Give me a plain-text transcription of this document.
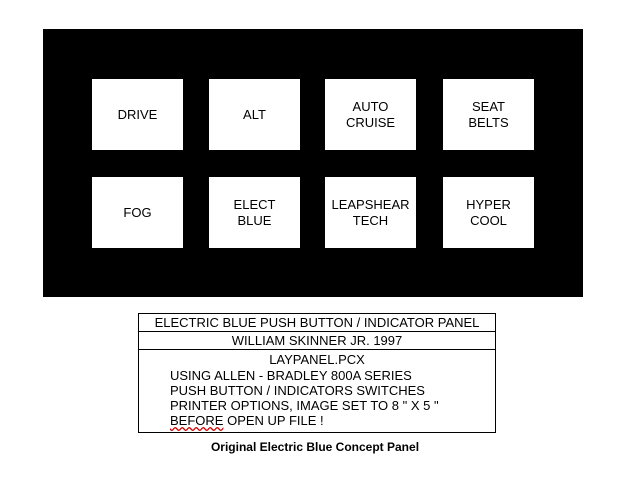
DRIVE	ALT
AUTO
CRUISE
SEAT
BELTS
FOG
ELECT
BLUE
LEAPSHEAR
TECH
HYPER
COOL
ELECTRIC BLUE PUSH BUTTON / INDICATOR PANEL
WILLIAM SKINNER JR. 1997
LAYPANEL.PCX
USING ALLEN - BRADLEY 800A SERIES
PUSH BUTTON / INDICATORS SWITCHES
PRINTER OPTIONS, IMAGE SET TO 8 " X 5 "
BEFORE OPEN UP FILE !
Original Electric Blue Concept Panel
